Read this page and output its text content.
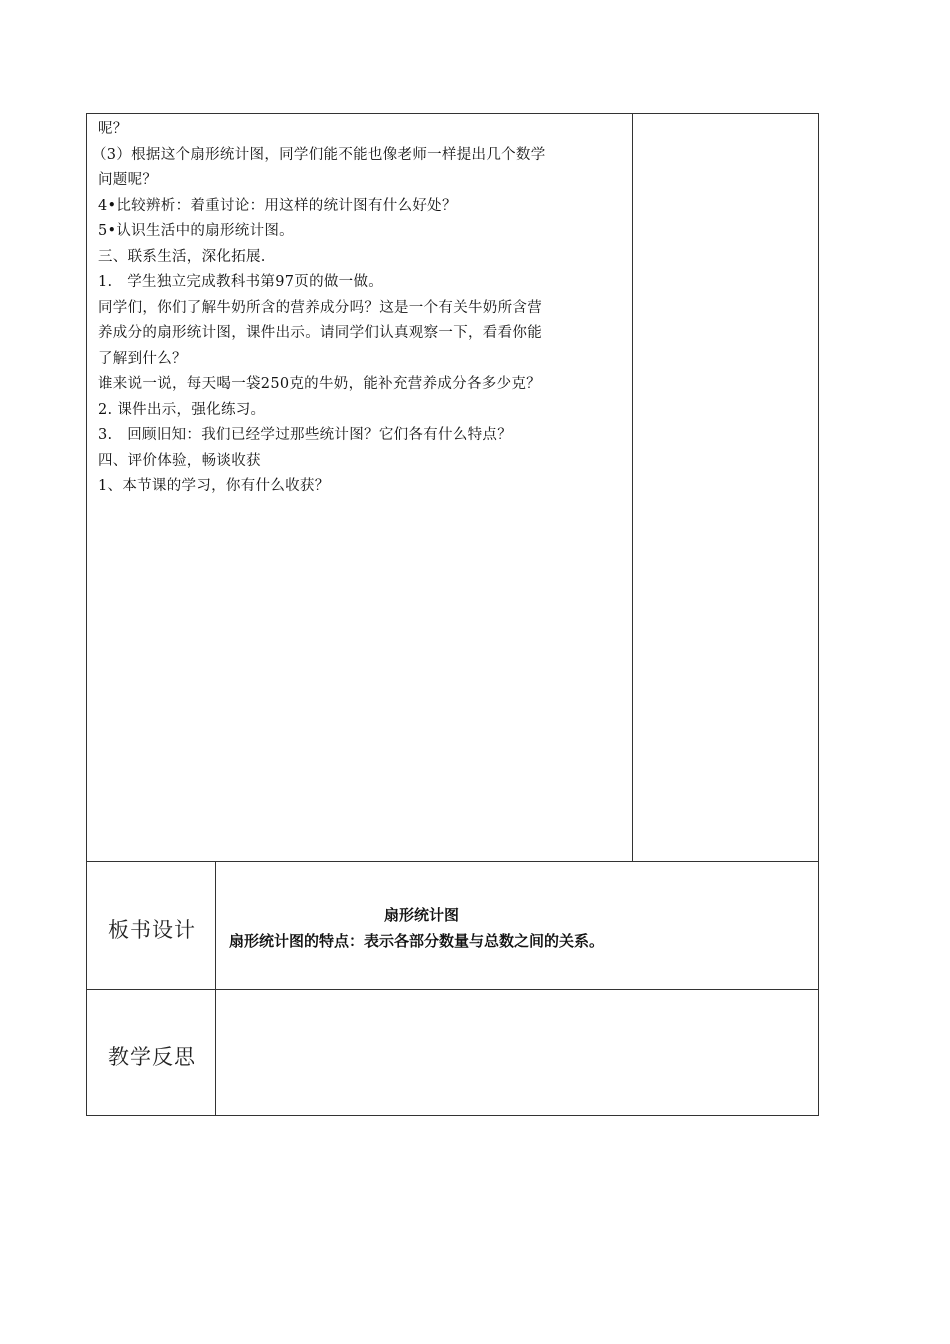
呢？
（3）根据这个扇形统计图，同学们能不能也像老师一样提出几个数学
问题呢？
4•比较辨析：着重讨论：用这样的统计图有什么好处？
5•认识生活中的扇形统计图。
三、联系生活，深化拓展.
1.　学生独立完成教科书第97页的做一做。
同学们，你们了解牛奶所含的营养成分吗？这是一个有关牛奶所含营
养成分的扇形统计图，课件出示。请同学们认真观察一下，看看你能
了解到什么？
谁来说一说，每天喝一袋250克的牛奶，能补充营养成分各多少克？
2. 课件出示，强化练习。
3.　回顾旧知：我们已经学过那些统计图？它们各有什么特点？
四、评价体验，畅谈收获
1、本节课的学习，你有什么收获？
板书设计
扇形统计图
扇形统计图的特点：表示各部分数量与总数之间的关系。
教学反思
